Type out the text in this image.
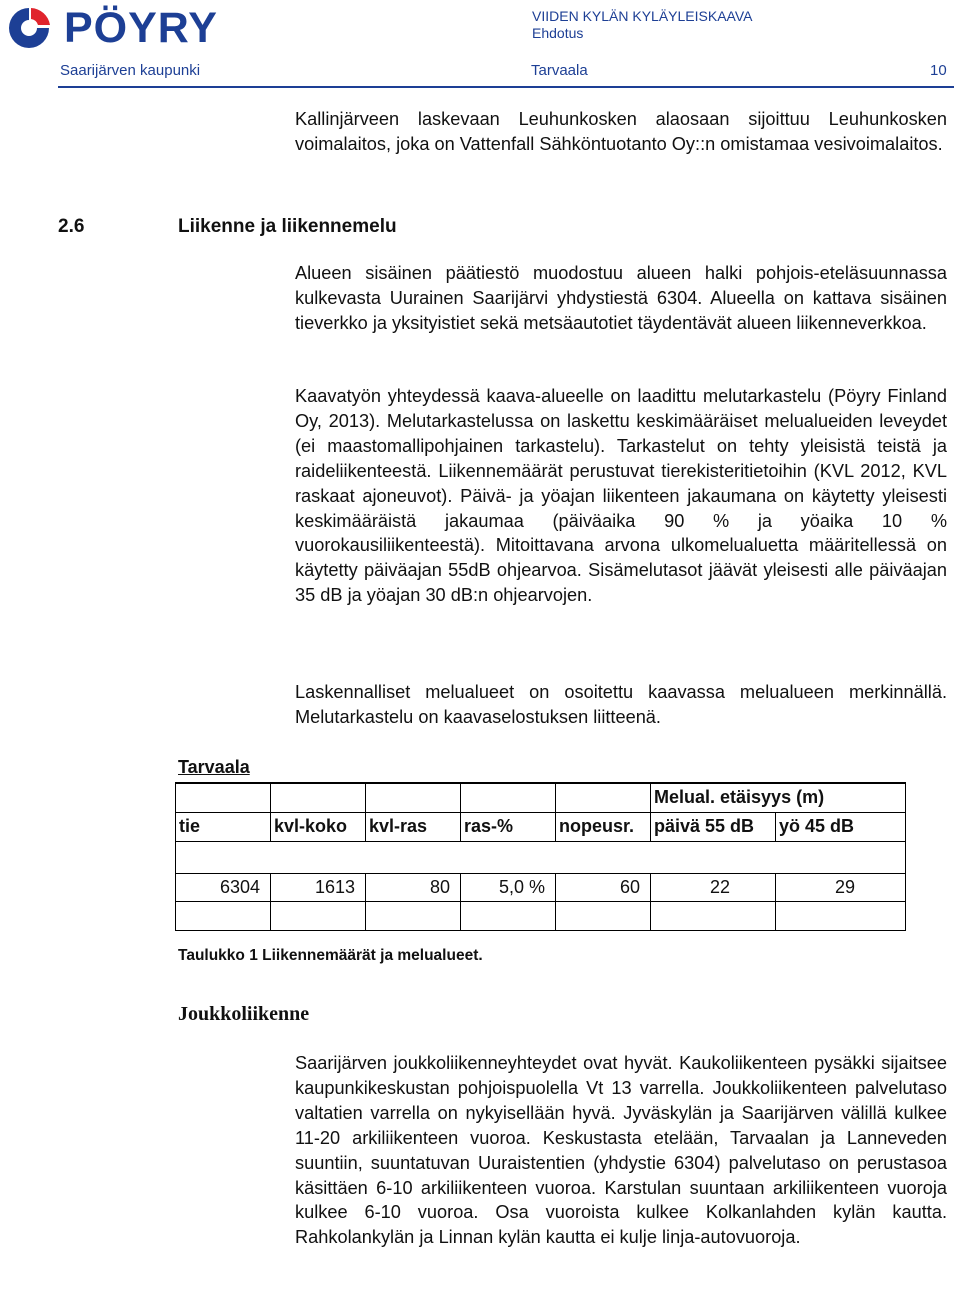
PÖYRY	VIIDEN KYLÄN KYLÄYLEISKAAVA
Ehdotus
Saarijärven kaupunki	Tarvaala	10
Kallinjärveen laskevaan Leuhunkosken alaosaan sijoittuu Leuhunkosken voimalaitos, joka on Vattenfall Sähköntuotanto Oy::n omistamaa vesivoimalaitos.
2.6	Liikenne ja liikennemelu
Alueen sisäinen päätiestö muodostuu alueen halki pohjois-eteläsuunnassa kulkevasta Uurainen Saarijärvi yhdystiestä 6304. Alueella on kattava sisäinen tieverkko ja yksityistiet sekä metsäautotiet täydentävät alueen liikenneverkkoa.
Kaavatyön yhteydessä kaava-alueelle on laadittu melutarkastelu (Pöyry Finland Oy, 2013). Melutarkastelussa on laskettu keskimääräiset melualueiden leveydet (ei maastomallipohjainen tarkastelu). Tarkastelut on tehty yleisistä teistä ja raideliikenteestä. Liikennemäärät perustuvat tierekisteritietoihin (KVL 2012, KVL raskaat ajoneuvot). Päivä- ja yöajan liikenteen jakaumana on käytetty yleisesti keskimääräistä jakaumaa (päiväaika 90 % ja yöaika 10 % vuorokausiliikenteestä). Mitoittavana arvona ulkomelualuetta määritellessä on käytetty päiväajan 55dB ohjearvoa. Sisämelutasot jäävät yleisesti alle päiväajan 35 dB ja yöajan 30 dB:n ohjearvojen.
Laskennalliset melualueet on osoitettu kaavassa melualueen merkinnällä. Melutarkastelu on kaavaselostuksen liitteenä.
Tarvaala
					Melual. etäisyys (m)	
tie	kvl-koko	kvl-ras	ras-%	nopeusr.	päivä 55 dB	yö 45 dB

6304	1613	80	5,0 %	60	22	29

Taulukko 1 Liikennemäärät ja melualueet.
Joukkoliikenne
Saarijärven joukkoliikenneyhteydet ovat hyvät. Kaukoliikenteen pysäkki sijaitsee kaupunkikeskustan pohjoispuolella Vt 13 varrella. Joukkoliikenteen palvelutaso valtatien varrella on nykyisellään hyvä. Jyväskylän ja Saarijärven välillä kulkee 11-20 arkiliikenteen vuoroa. Keskustasta etelään, Tarvaalan ja Lanneveden suuntiin, suuntatuvan Uuraistentien (yhdystie 6304) palvelutaso on perustasoa käsittäen 6-10 arkiliikenteen vuoroa. Karstulan suuntaan arkiliikenteen vuoroja kulkee 6-10 vuoroa. Osa vuoroista kulkee Kolkanlahden kylän kautta. Rahkolankylän ja Linnan kylän kautta ei kulje linja-autovuoroja.
